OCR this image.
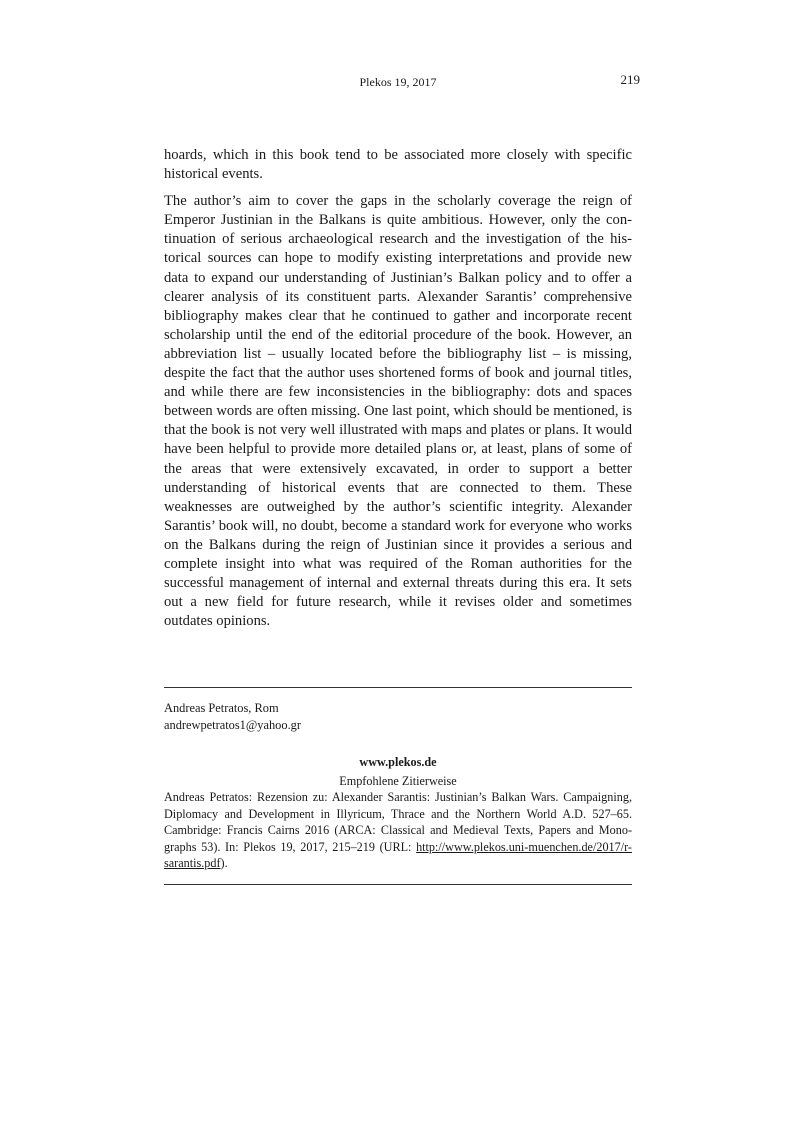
Plekos 19, 2017	219

hoards, which in this book tend to be associated more closely with specific historical events.

The author’s aim to cover the gaps in the scholarly coverage the reign of Emperor Justinian in the Balkans is quite ambitious. However, only the continuation of serious archaeological research and the investigation of the historical sources can hope to modify existing interpretations and provide new data to expand our understanding of Justinian’s Balkan policy and to offer a clearer analysis of its constituent parts. Alexander Sarantis’ comprehensive bibliography makes clear that he continued to gather and incorporate recent scholarship until the end of the editorial procedure of the book. However, an abbreviation list – usually located before the bibliography list – is missing, despite the fact that the author uses shortened forms of book and journal titles, and while there are few inconsistencies in the bibliography: dots and spaces between words are often missing. One last point, which should be mentioned, is that the book is not very well illustrated with maps and plates or plans. It would have been helpful to provide more detailed plans or, at least, plans of some of the areas that were extensively excavated, in order to support a better understanding of historical events that are connected to them. These weaknesses are outweighed by the author’s scientific integrity. Alexander Sarantis’ book will, no doubt, become a standard work for everyone who works on the Balkans during the reign of Justinian since it provides a serious and complete insight into what was required of the Roman authorities for the successful management of internal and external threats during this era. It sets out a new field for future research, while it revises older and sometimes outdates opinions.

Andreas Petratos, Rom
andrewpetratos1@yahoo.gr
www.plekos.de
Empfohlene Zitierweise
Andreas Petratos: Rezension zu: Alexander Sarantis: Justinian’s Balkan Wars. Campaigning, Diplomacy and Development in Illyricum, Thrace and the Northern World A.D. 527–65. Cambridge: Francis Cairns 2016 (ARCA: Classical and Medieval Texts, Papers and Monographs 53). In: Plekos 19, 2017, 215–219 (URL: http://www.plekos.uni-muenchen.de/2017/r-sarantis.pdf).
